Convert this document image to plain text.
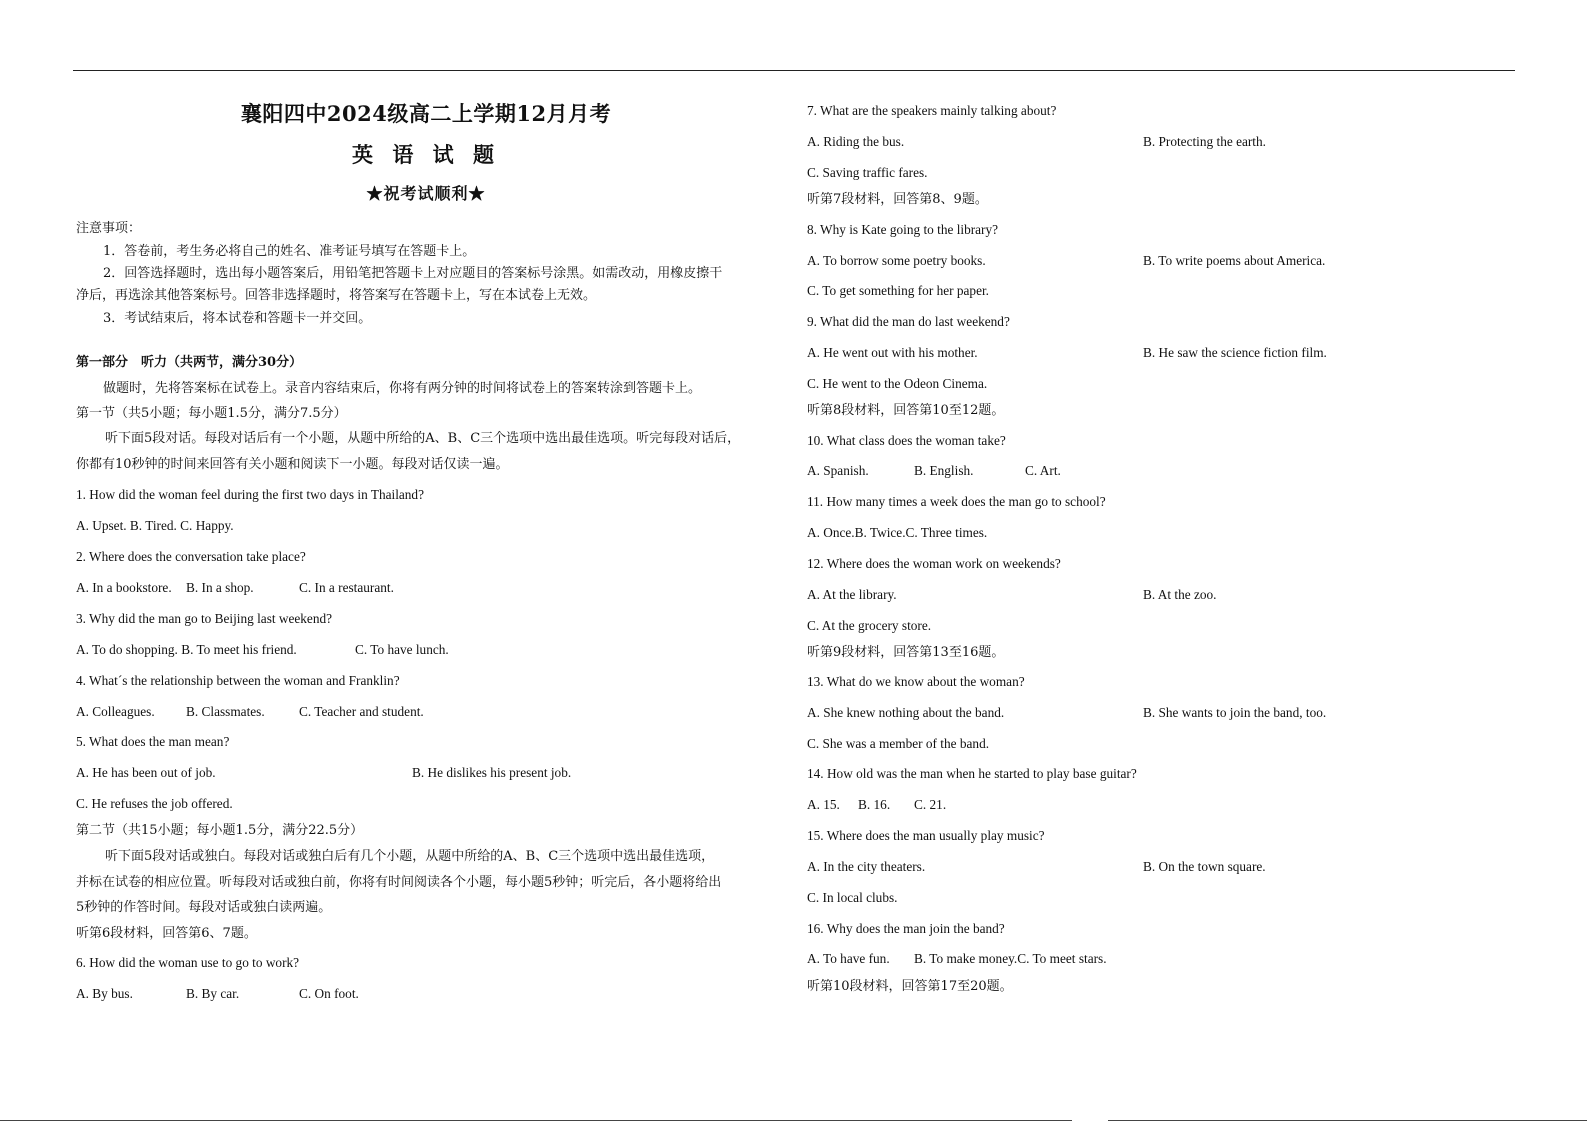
襄阳四中2024级高二上学期12月月考
英 语 试 题
★祝考试顺利★
注意事项：
1．答卷前，考生务必将自己的姓名、准考证号填写在答题卡上。
2．回答选择题时，选出每小题答案后，用铅笔把答题卡上对应题目的答案标号涂黑。如需改动，用橡皮擦干
净后，再选涂其他答案标号。回答非选择题时，将答案写在答题卡上，写在本试卷上无效。
3．考试结束后，将本试卷和答题卡一并交回。
第一部分　听力（共两节，满分30分）
做题时，先将答案标在试卷上。录音内容结束后，你将有两分钟的时间将试卷上的答案转涂到答题卡上。
第一节（共5小题；每小题1.5分，满分7.5分）
听下面5段对话。每段对话后有一个小题，从题中所给的A、B、C三个选项中选出最佳选项。听完每段对话后，
你都有10秒钟的时间来回答有关小题和阅读下一小题。每段对话仅读一遍。
1. How did the woman feel during the first two days in Thailand?
A. Upset. B. Tired. C. Happy.
2. Where does the conversation take place?
A. In a bookstore. B. In a shop.	C. In a restaurant.
3. Why did the man go to Beijing last weekend?
A. To do shopping. B. To meet his friend.	C. To have lunch.
4. What´s the relationship between the woman and Franklin?
A. Colleagues. B. Classmates.	C. Teacher and student.
5. What does the man mean?
A. He has been out of job.	B. He dislikes his present job.
C. He refuses the job offered.
第二节（共15小题；每小题1.5分，满分22.5分）
听下面5段对话或独白。每段对话或独白后有几个小题，从题中所给的A、B、C三个选项中选出最佳选项，
并标在试卷的相应位置。听每段对话或独白前，你将有时间阅读各个小题，每小题5秒钟；听完后，各小题将给出
5秒钟的作答时间。每段对话或独白读两遍。
听第6段材料，回答第6、7题。
6. How did the woman use to go to work?
A. By bus.	B. By car.	C. On foot.
7. What are the speakers mainly talking about?
A. Riding the bus.	B. Protecting the earth.
C. Saving traffic fares.
听第7段材料，回答第8、9题。
8. Why is Kate going to the library?
A. To borrow some poetry books.	B. To write poems about America.
C. To get something for her paper.
9. What did the man do last weekend?
A. He went out with his mother.	B. He saw the science fiction film.
C. He went to the Odeon Cinema.
听第8段材料，回答第10至12题。
10. What class does the woman take?
A. Spanish.	B. English.	C. Art.
11. How many times a week does the man go to school?
A. Once.B. Twice.C. Three times.
12. Where does the woman work on weekends?
A. At the library.	B. At the zoo.
C. At the grocery store.
听第9段材料，回答第13至16题。
13. What do we know about the woman?
A. She knew nothing about the band.	B. She wants to join the band, too.
C. She was a member of the band.
14. How old was the man when he started to play base guitar?
A. 15. B. 16. C. 21.
15. Where does the man usually play music?
A. In the city theaters.	B. On the town square.
C. In local clubs.
16. Why does the man join the band?
A. To have fun. B. To make money.C. To meet stars.
听第10段材料，回答第17至20题。
